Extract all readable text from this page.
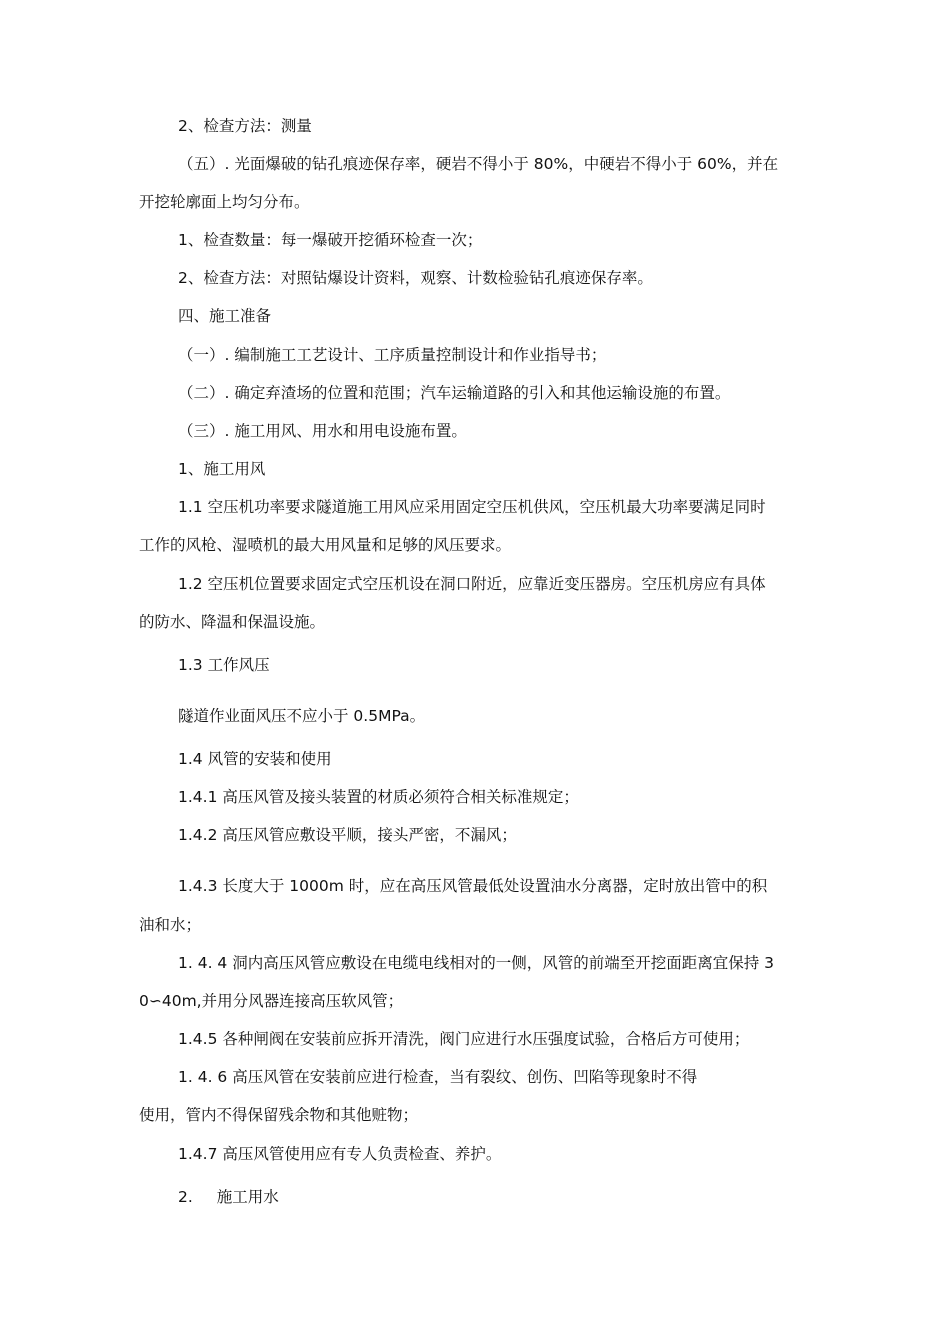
2、检查方法：测量

（五）. 光面爆破的钻孔痕迹保存率，硬岩不得小于 80%，中硬岩不得小于 60%，并在

开挖轮廓面上均匀分布。

1、检查数量：每一爆破开挖循环检查一次；

2、检查方法：对照钻爆设计资料，观察、计数检验钻孔痕迹保存率。

四、施工准备

（一）. 编制施工工艺设计、工序质量控制设计和作业指导书；

（二）. 确定弃渣场的位置和范围；汽车运输道路的引入和其他运输设施的布置。

（三）. 施工用风、用水和用电设施布置。

1、施工用风

1.1 空压机功率要求隧道施工用风应采用固定空压机供风，空压机最大功率要满足同时

工作的风枪、湿喷机的最大用风量和足够的风压要求。

1.2 空压机位置要求固定式空压机设在洞口附近，应靠近变压器房。空压机房应有具体

的防水、降温和保温设施。

1.3 工作风压

隧道作业面风压不应小于 0.5MPa。

1.4 风管的安装和使用

1.4.1 高压风管及接头装置的材质必须符合相关标准规定；

1.4.2 高压风管应敷设平顺，接头严密，不漏风；

1.4.3 长度大于 1000m 时，应在高压风管最低处设置油水分离器，定时放出管中的积

油和水；

1. 4. 4 洞内高压风管应敷设在电缆电线相对的一侧，风管的前端至开挖面距离宜保持 3

0∽40m,并用分风器连接高压软风管；

1.4.5 各种闸阀在安装前应拆开清洗，阀门应进行水压强度试验，合格后方可使用；

1. 4. 6 高压风管在安装前应进行检查，当有裂纹、创伤、凹陷等现象时不得

使用，管内不得保留残余物和其他赃物；

1.4.7 高压风管使用应有专人负责检查、养护。

2. 施工用水
